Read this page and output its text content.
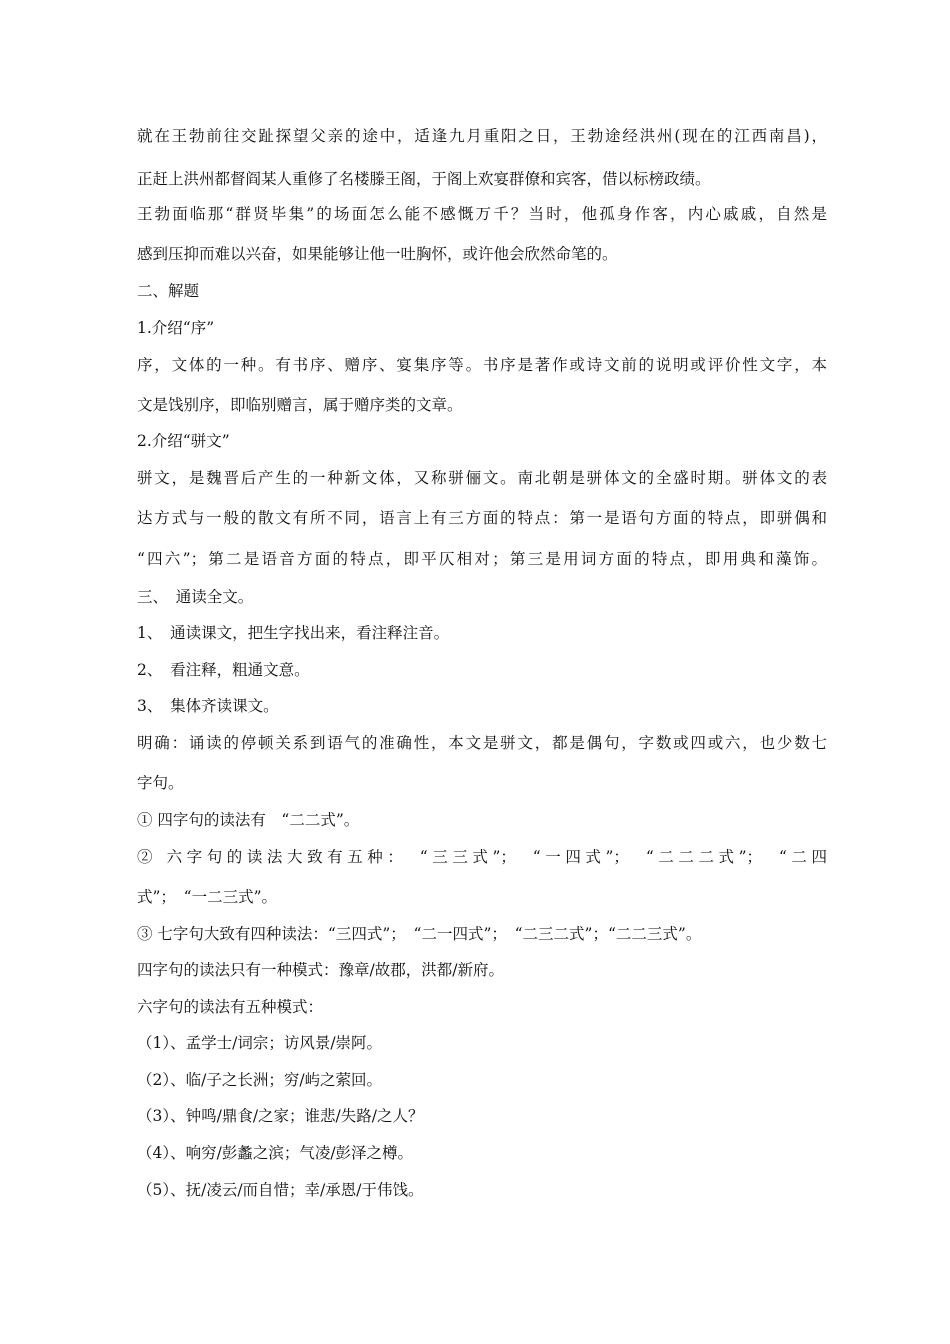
就在王勃前往交趾探望父亲的途中，适逢九月重阳之日，王勃途经洪州(现在的江西南昌)，
正赶上洪州都督阎某人重修了名楼滕王阁，于阁上欢宴群僚和宾客，借以标榜政绩。
王勃面临那“群贤毕集”的场面怎么能不感慨万千？当时，他孤身作客，内心戚戚，自然是
感到压抑而难以兴奋，如果能够让他一吐胸怀，或许他会欣然命笔的。
二、解题
1.介绍“序”
序，文体的一种。有书序、赠序、宴集序等。书序是著作或诗文前的说明或评价性文字，本
文是饯别序，即临别赠言，属于赠序类的文章。
2.介绍“骈文”
骈文，是魏晋后产生的一种新文体，又称骈俪文。南北朝是骈体文的全盛时期。骈体文的表
达方式与一般的散文有所不同，语言上有三方面的特点：第一是语句方面的特点，即骈偶和
“四六”；第二是语音方面的特点，即平仄相对；第三是用词方面的特点，即用典和藻饰。
三、　通读全文。
1、　通读课文，把生字找出来，看注释注音。
2、　看注释，粗通文意。
3、　集体齐读课文。
明确：诵读的停顿关系到语气的准确性，本文是骈文，都是偶句，字数或四或六，也少数七
字句。
① 四字句的读法有　“二二式”。
② 六字句的读法大致有五种：　“三三式”；　“一四式”；　“二二二式”；　“二四
式”；　“一二三式”。
③ 七字句大致有四种读法：“三四式”；　“二一四式”；　“二三二式”；“二二三式”。
四字句的读法只有一种模式：豫章/故郡，洪都/新府。
六字句的读法有五种模式：
（1）、孟学士/词宗；访风景/崇阿。
（2）、临/子之长洲；穷/屿之萦回。
（3）、钟鸣/鼎食/之家；谁悲/失路/之人？
（4）、响穷/彭蠡之滨；气凌/彭泽之樽。
（5）、抚/凌云/而自惜；幸/承恩/于伟饯。
